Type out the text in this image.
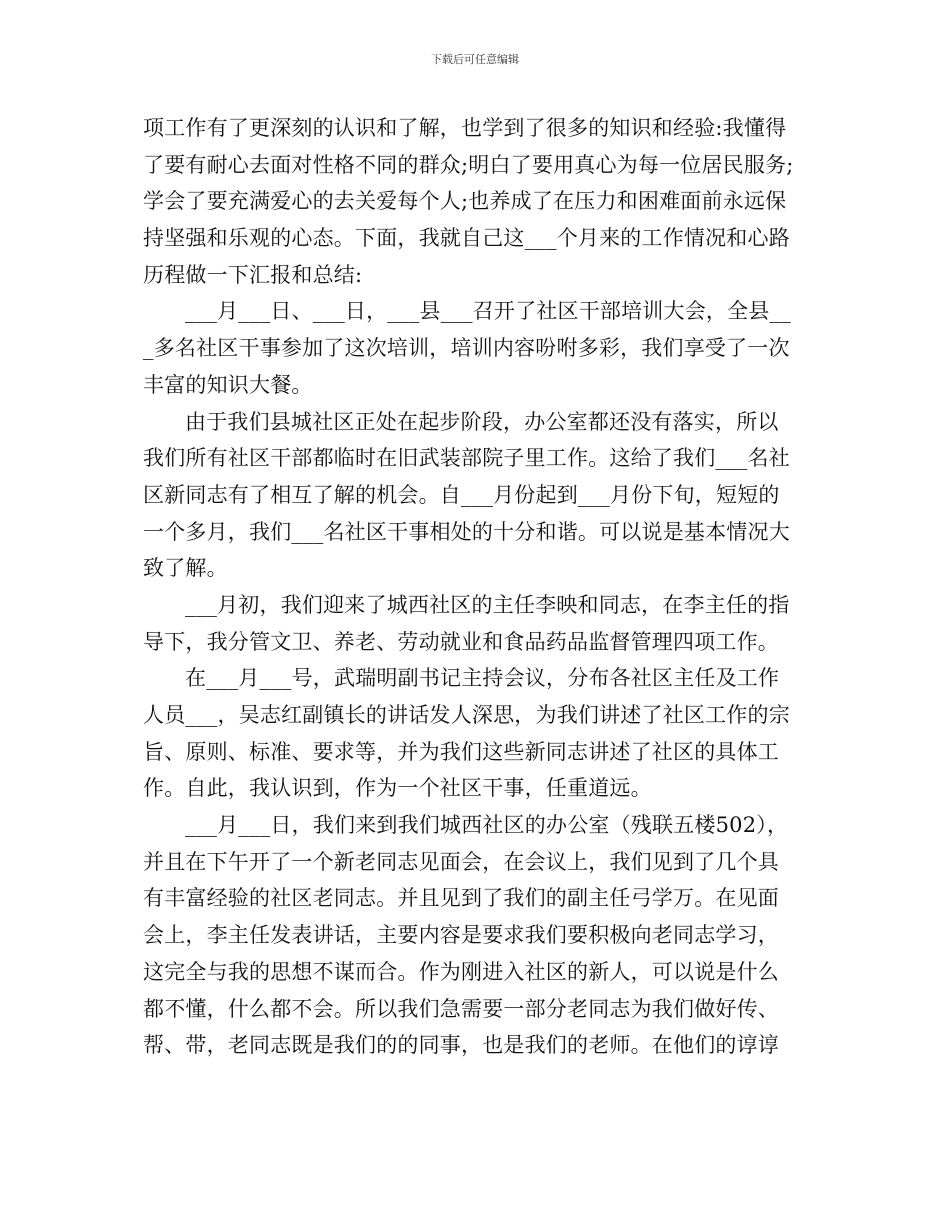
下载后可任意编辑
项工作有了更深刻的认识和了解，也学到了很多的知识和经验:我懂得
了要有耐心去面对性格不同的群众;明白了要用真心为每一位居民服务;
学会了要充满爱心的去关爱每个人;也养成了在压力和困难面前永远保
持坚强和乐观的心态。下面，我就自己这___个月来的工作情况和心路
历程做一下汇报和总结:
___月___日、___日，___县___召开了社区干部培训大会，全县__
_多名社区干事参加了这次培训，培训内容吩咐多彩，我们享受了一次
丰富的知识大餐。
由于我们县城社区正处在起步阶段，办公室都还没有落实，所以
我们所有社区干部都临时在旧武装部院子里工作。这给了我们___名社
区新同志有了相互了解的机会。自___月份起到___月份下旬，短短的
一个多月，我们___名社区干事相处的十分和谐。可以说是基本情况大
致了解。
___月初，我们迎来了城西社区的主任李映和同志，在李主任的指
导下，我分管文卫、养老、劳动就业和食品药品监督管理四项工作。
在___月___号，武瑞明副书记主持会议，分布各社区主任及工作
人员___，吴志红副镇长的讲话发人深思，为我们讲述了社区工作的宗
旨、原则、标准、要求等，并为我们这些新同志讲述了社区的具体工
作。自此，我认识到，作为一个社区干事，任重道远。
___月___日，我们来到我们城西社区的办公室（残联五楼502），
并且在下午开了一个新老同志见面会，在会议上，我们见到了几个具
有丰富经验的社区老同志。并且见到了我们的副主任弓学万。在见面
会上，李主任发表讲话，主要内容是要求我们要积极向老同志学习，
这完全与我的思想不谋而合。作为刚进入社区的新人，可以说是什么
都不懂，什么都不会。所以我们急需要一部分老同志为我们做好传、
帮、带，老同志既是我们的的同事，也是我们的老师。在他们的谆谆
